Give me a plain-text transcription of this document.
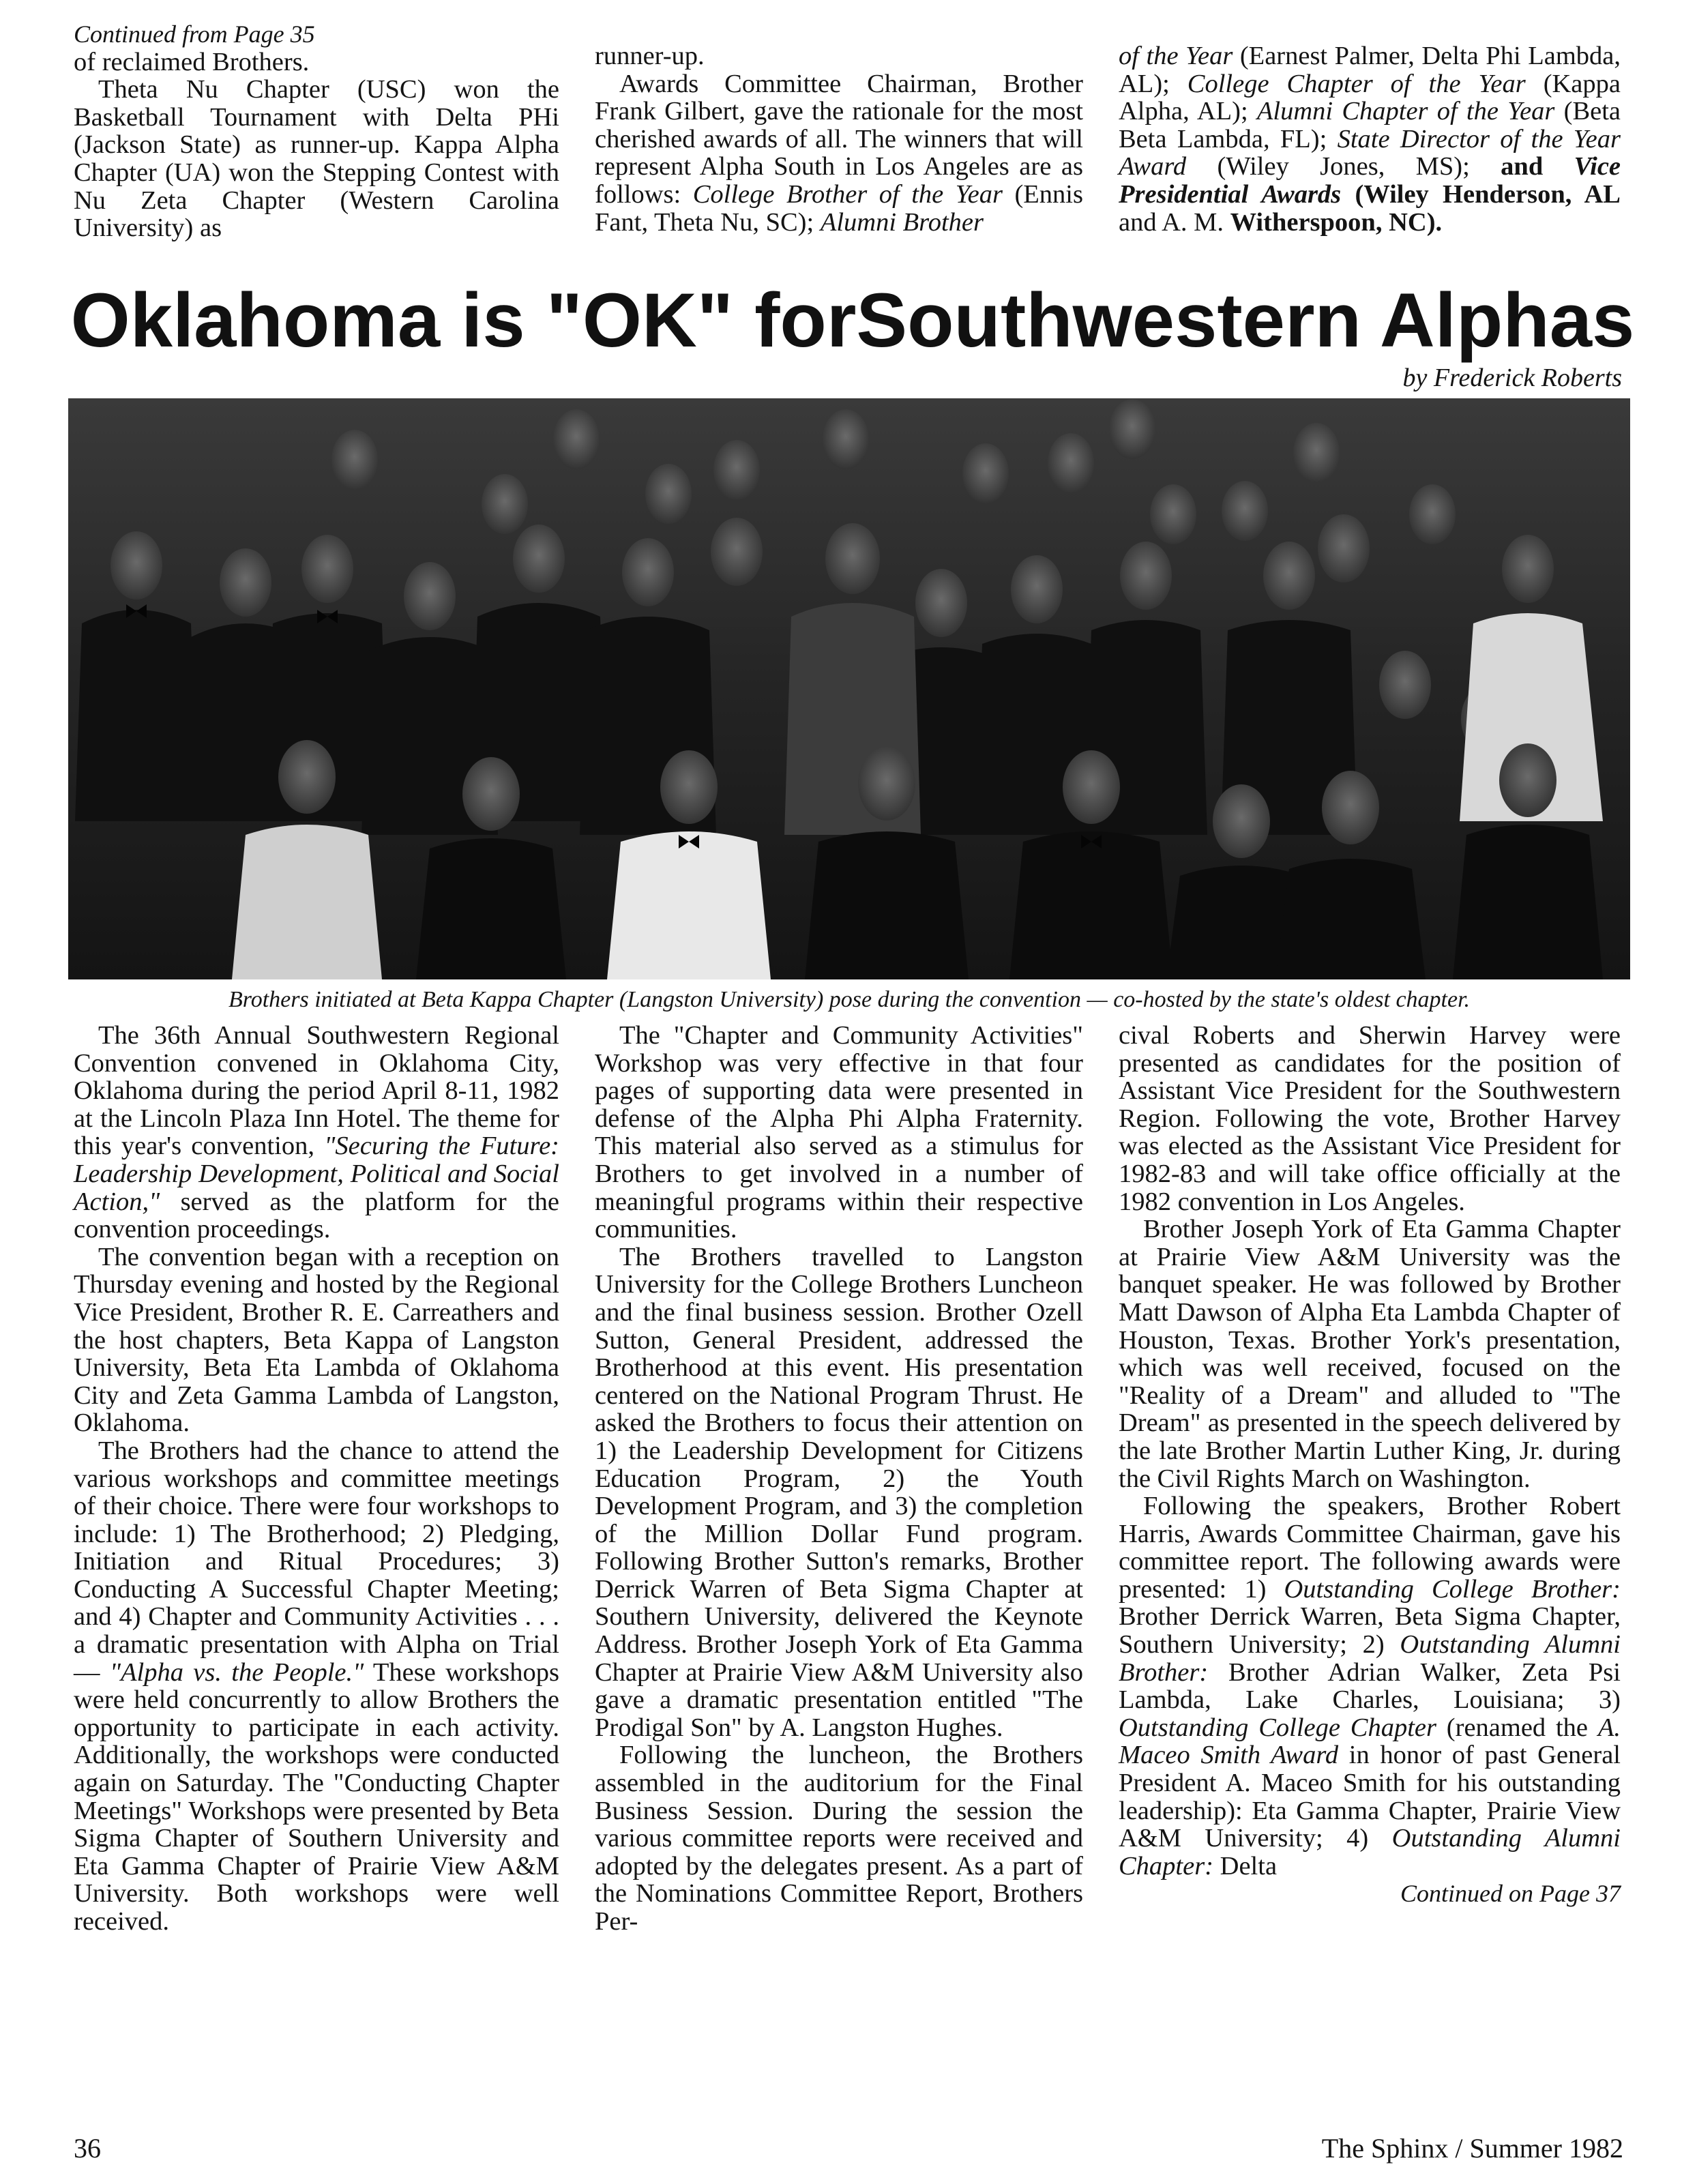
Continued from Page 35

of reclaimed Brothers.

Theta Nu Chapter (USC) won the Basketball Tournament with Delta PHi (Jackson State) as runner-up. Kappa Alpha Chapter (UA) won the Stepping Contest with Nu Zeta Chapter (Western Carolina University) as

runner-up.

Awards Committee Chairman, Brother Frank Gilbert, gave the rationale for the most cherished awards of all. The winners that will represent Alpha South in Los Angeles are as follows: College Brother of the Year (Ennis Fant, Theta Nu, SC); Alumni Brother

of the Year (Earnest Palmer, Delta Phi Lambda, AL); College Chapter of the Year (Kappa Alpha, AL); Alumni Chapter of the Year (Beta Beta Lambda, FL); State Director of the Year Award (Wiley Jones, MS); and Vice Presidential Awards (Wiley Henderson, AL and A. M. Witherspoon, NC).

Oklahoma is "OK" forSouthwestern Alphas
by Frederick Roberts
Brothers initiated at Beta Kappa Chapter (Langston University) pose during the convention — co-hosted by the state's oldest chapter.

The 36th Annual Southwestern Regional Convention convened in Oklahoma City, Oklahoma during the period April 8-11, 1982 at the Lincoln Plaza Inn Hotel. The theme for this year's convention, "Securing the Future: Leadership Development, Political and Social Action," served as the platform for the convention proceedings.

The convention began with a reception on Thursday evening and hosted by the Regional Vice President, Brother R. E. Carreathers and the host chapters, Beta Kappa of Langston University, Beta Eta Lambda of Oklahoma City and Zeta Gamma Lambda of Langston, Oklahoma.

The Brothers had the chance to attend the various workshops and committee meetings of their choice. There were four workshops to include: 1) The Brotherhood; 2) Pledging, Initiation and Ritual Procedures; 3) Conducting A Successful Chapter Meeting; and 4) Chapter and Community Activities . . . a dramatic presentation with Alpha on Trial — "Alpha vs. the People." These workshops were held concurrently to allow Brothers the opportunity to participate in each activity. Additionally, the workshops were conducted again on Saturday. The "Conducting Chapter Meetings" Workshops were presented by Beta Sigma Chapter of Southern University and Eta Gamma Chapter of Prairie View A&M University. Both workshops were well received.

The "Chapter and Community Activities" Workshop was very effective in that four pages of supporting data were presented in defense of the Alpha Phi Alpha Fraternity. This material also served as a stimulus for Brothers to get involved in a number of meaningful programs within their respective communities.

The Brothers travelled to Langston University for the College Brothers Luncheon and the final business session. Brother Ozell Sutton, General President, addressed the Brotherhood at this event. His presentation centered on the National Program Thrust. He asked the Brothers to focus their attention on 1) the Leadership Development for Citizens Education Program, 2) the Youth Development Program, and 3) the completion of the Million Dollar Fund program. Following Brother Sutton's remarks, Brother Derrick Warren of Beta Sigma Chapter at Southern University, delivered the Keynote Address. Brother Joseph York of Eta Gamma Chapter at Prairie View A&M University also gave a dramatic presentation entitled "The Prodigal Son" by A. Langston Hughes.

Following the luncheon, the Brothers assembled in the auditorium for the Final Business Session. During the session the various committee reports were received and adopted by the delegates present. As a part of the Nominations Committee Report, Brothers Per-

cival Roberts and Sherwin Harvey were presented as candidates for the position of Assistant Vice President for the Southwestern Region. Following the vote, Brother Harvey was elected as the Assistant Vice President for 1982-83 and will take office officially at the 1982 convention in Los Angeles.

Brother Joseph York of Eta Gamma Chapter at Prairie View A&M University was the banquet speaker. He was followed by Brother Matt Dawson of Alpha Eta Lambda Chapter of Houston, Texas. Brother York's presentation, which was well received, focused on the "Reality of a Dream" and alluded to "The Dream" as presented in the speech delivered by the late Brother Martin Luther King, Jr. during the Civil Rights March on Washington.

Following the speakers, Brother Robert Harris, Awards Committee Chairman, gave his committee report. The following awards were presented: 1) Outstanding College Brother: Brother Derrick Warren, Beta Sigma Chapter, Southern University; 2) Outstanding Alumni Brother: Brother Adrian Walker, Zeta Psi Lambda, Lake Charles, Louisiana; 3) Outstanding College Chapter (renamed the A. Maceo Smith Award in honor of past General President A. Maceo Smith for his outstanding leadership): Eta Gamma Chapter, Prairie View A&M University; 4) Outstanding Alumni Chapter: Delta

Continued on Page 37

36	The Sphinx / Summer 1982
